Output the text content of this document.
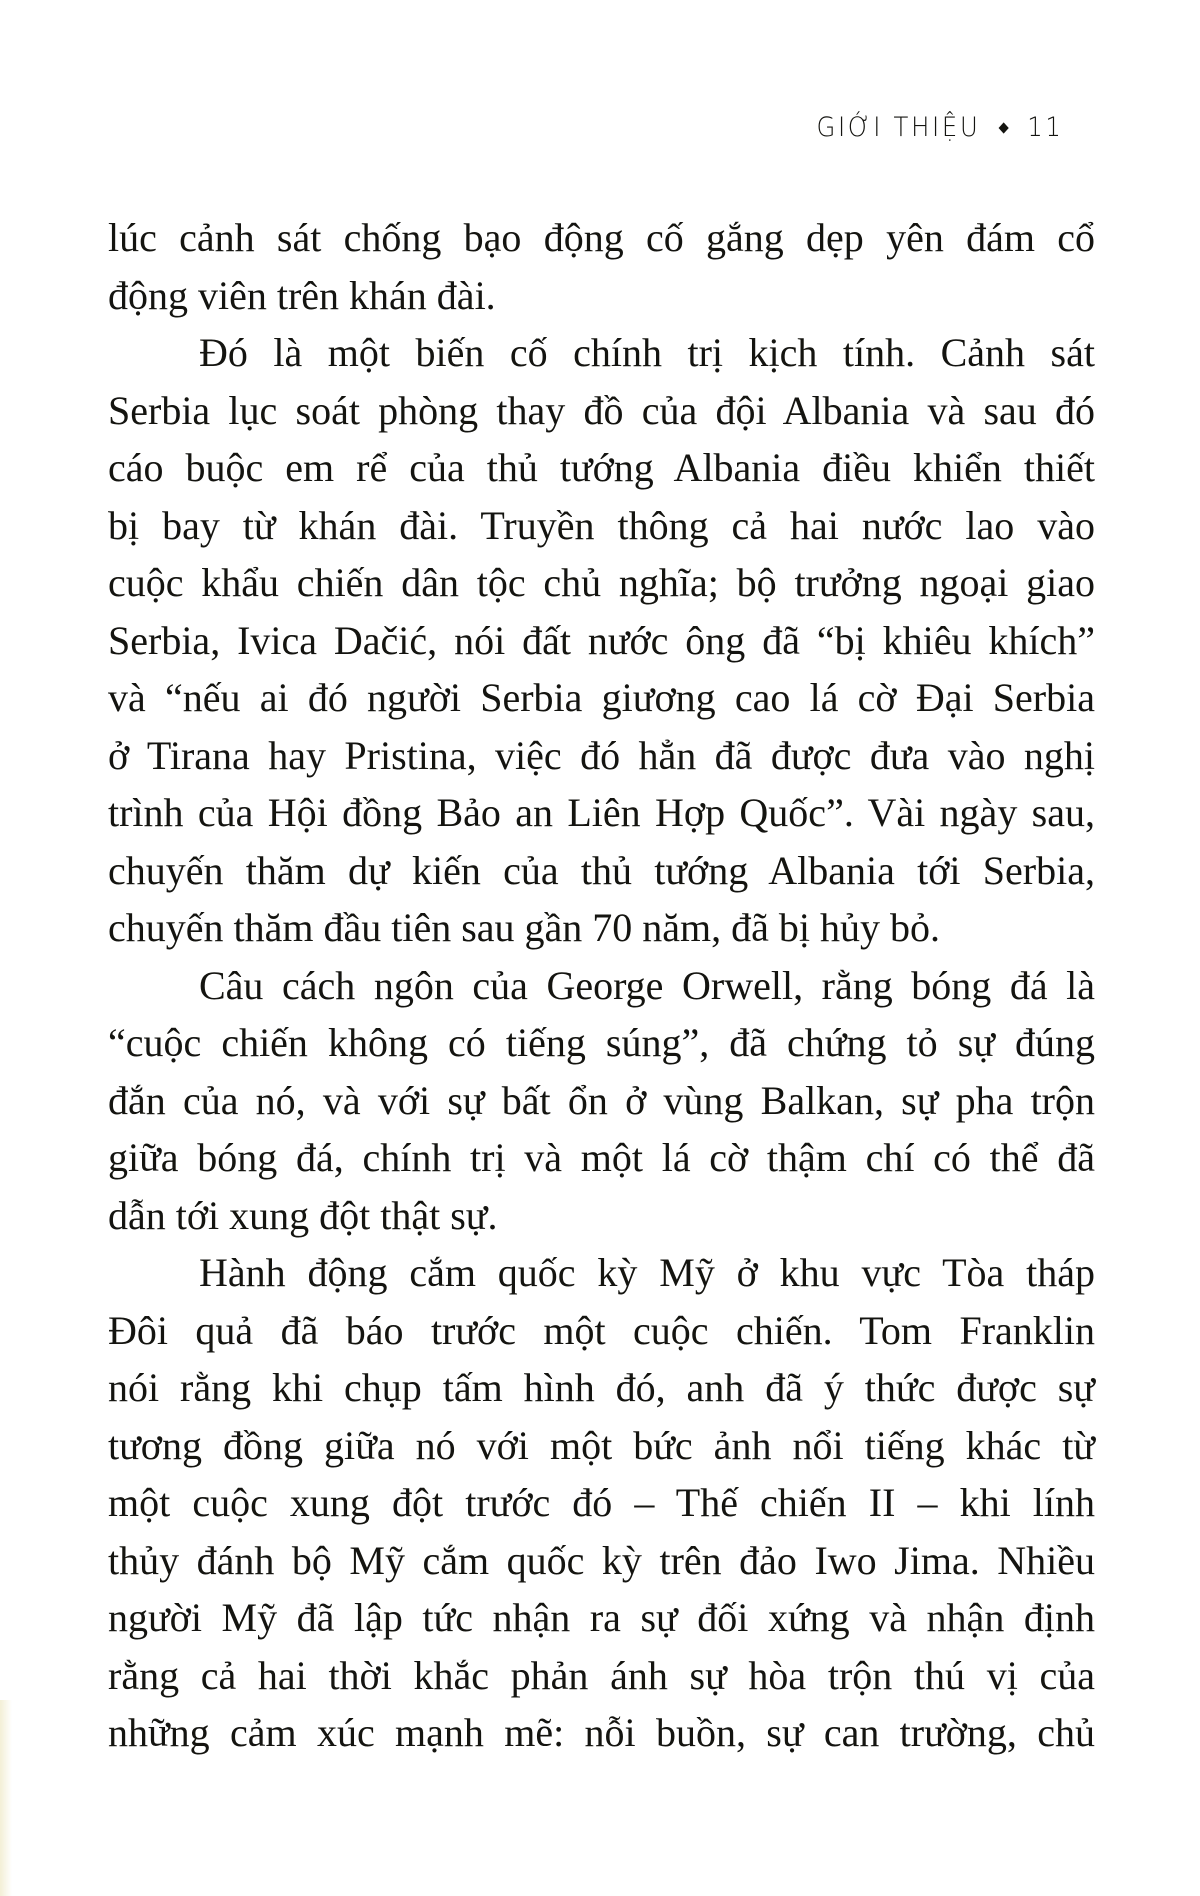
GIỚI THIỆU 11
lúc cảnh sát chống bạo động cố gắng dẹp yên đám cổ
động viên trên khán đài.
Đó là một biến cố chính trị kịch tính. Cảnh sát
Serbia lục soát phòng thay đồ của đội Albania và sau đó
cáo buộc em rể của thủ tướng Albania điều khiển thiết
bị bay từ khán đài. Truyền thông cả hai nước lao vào
cuộc khẩu chiến dân tộc chủ nghĩa; bộ trưởng ngoại giao
Serbia, Ivica Dačić, nói đất nước ông đã “bị khiêu khích”
và “nếu ai đó người Serbia giương cao lá cờ Đại Serbia
ở Tirana hay Pristina, việc đó hẳn đã được đưa vào nghị
trình của Hội đồng Bảo an Liên Hợp Quốc”. Vài ngày sau,
chuyến thăm dự kiến của thủ tướng Albania tới Serbia,
chuyến thăm đầu tiên sau gần 70 năm, đã bị hủy bỏ.
Câu cách ngôn của George Orwell, rằng bóng đá là
“cuộc chiến không có tiếng súng”, đã chứng tỏ sự đúng
đắn của nó, và với sự bất ổn ở vùng Balkan, sự pha trộn
giữa bóng đá, chính trị và một lá cờ thậm chí có thể đã
dẫn tới xung đột thật sự.
Hành động cắm quốc kỳ Mỹ ở khu vực Tòa tháp
Đôi quả đã báo trước một cuộc chiến. Tom Franklin
nói rằng khi chụp tấm hình đó, anh đã ý thức được sự
tương đồng giữa nó với một bức ảnh nổi tiếng khác từ
một cuộc xung đột trước đó – Thế chiến II – khi lính
thủy đánh bộ Mỹ cắm quốc kỳ trên đảo Iwo Jima. Nhiều
người Mỹ đã lập tức nhận ra sự đối xứng và nhận định
rằng cả hai thời khắc phản ánh sự hòa trộn thú vị của
những cảm xúc mạnh mẽ: nỗi buồn, sự can trường, chủ
